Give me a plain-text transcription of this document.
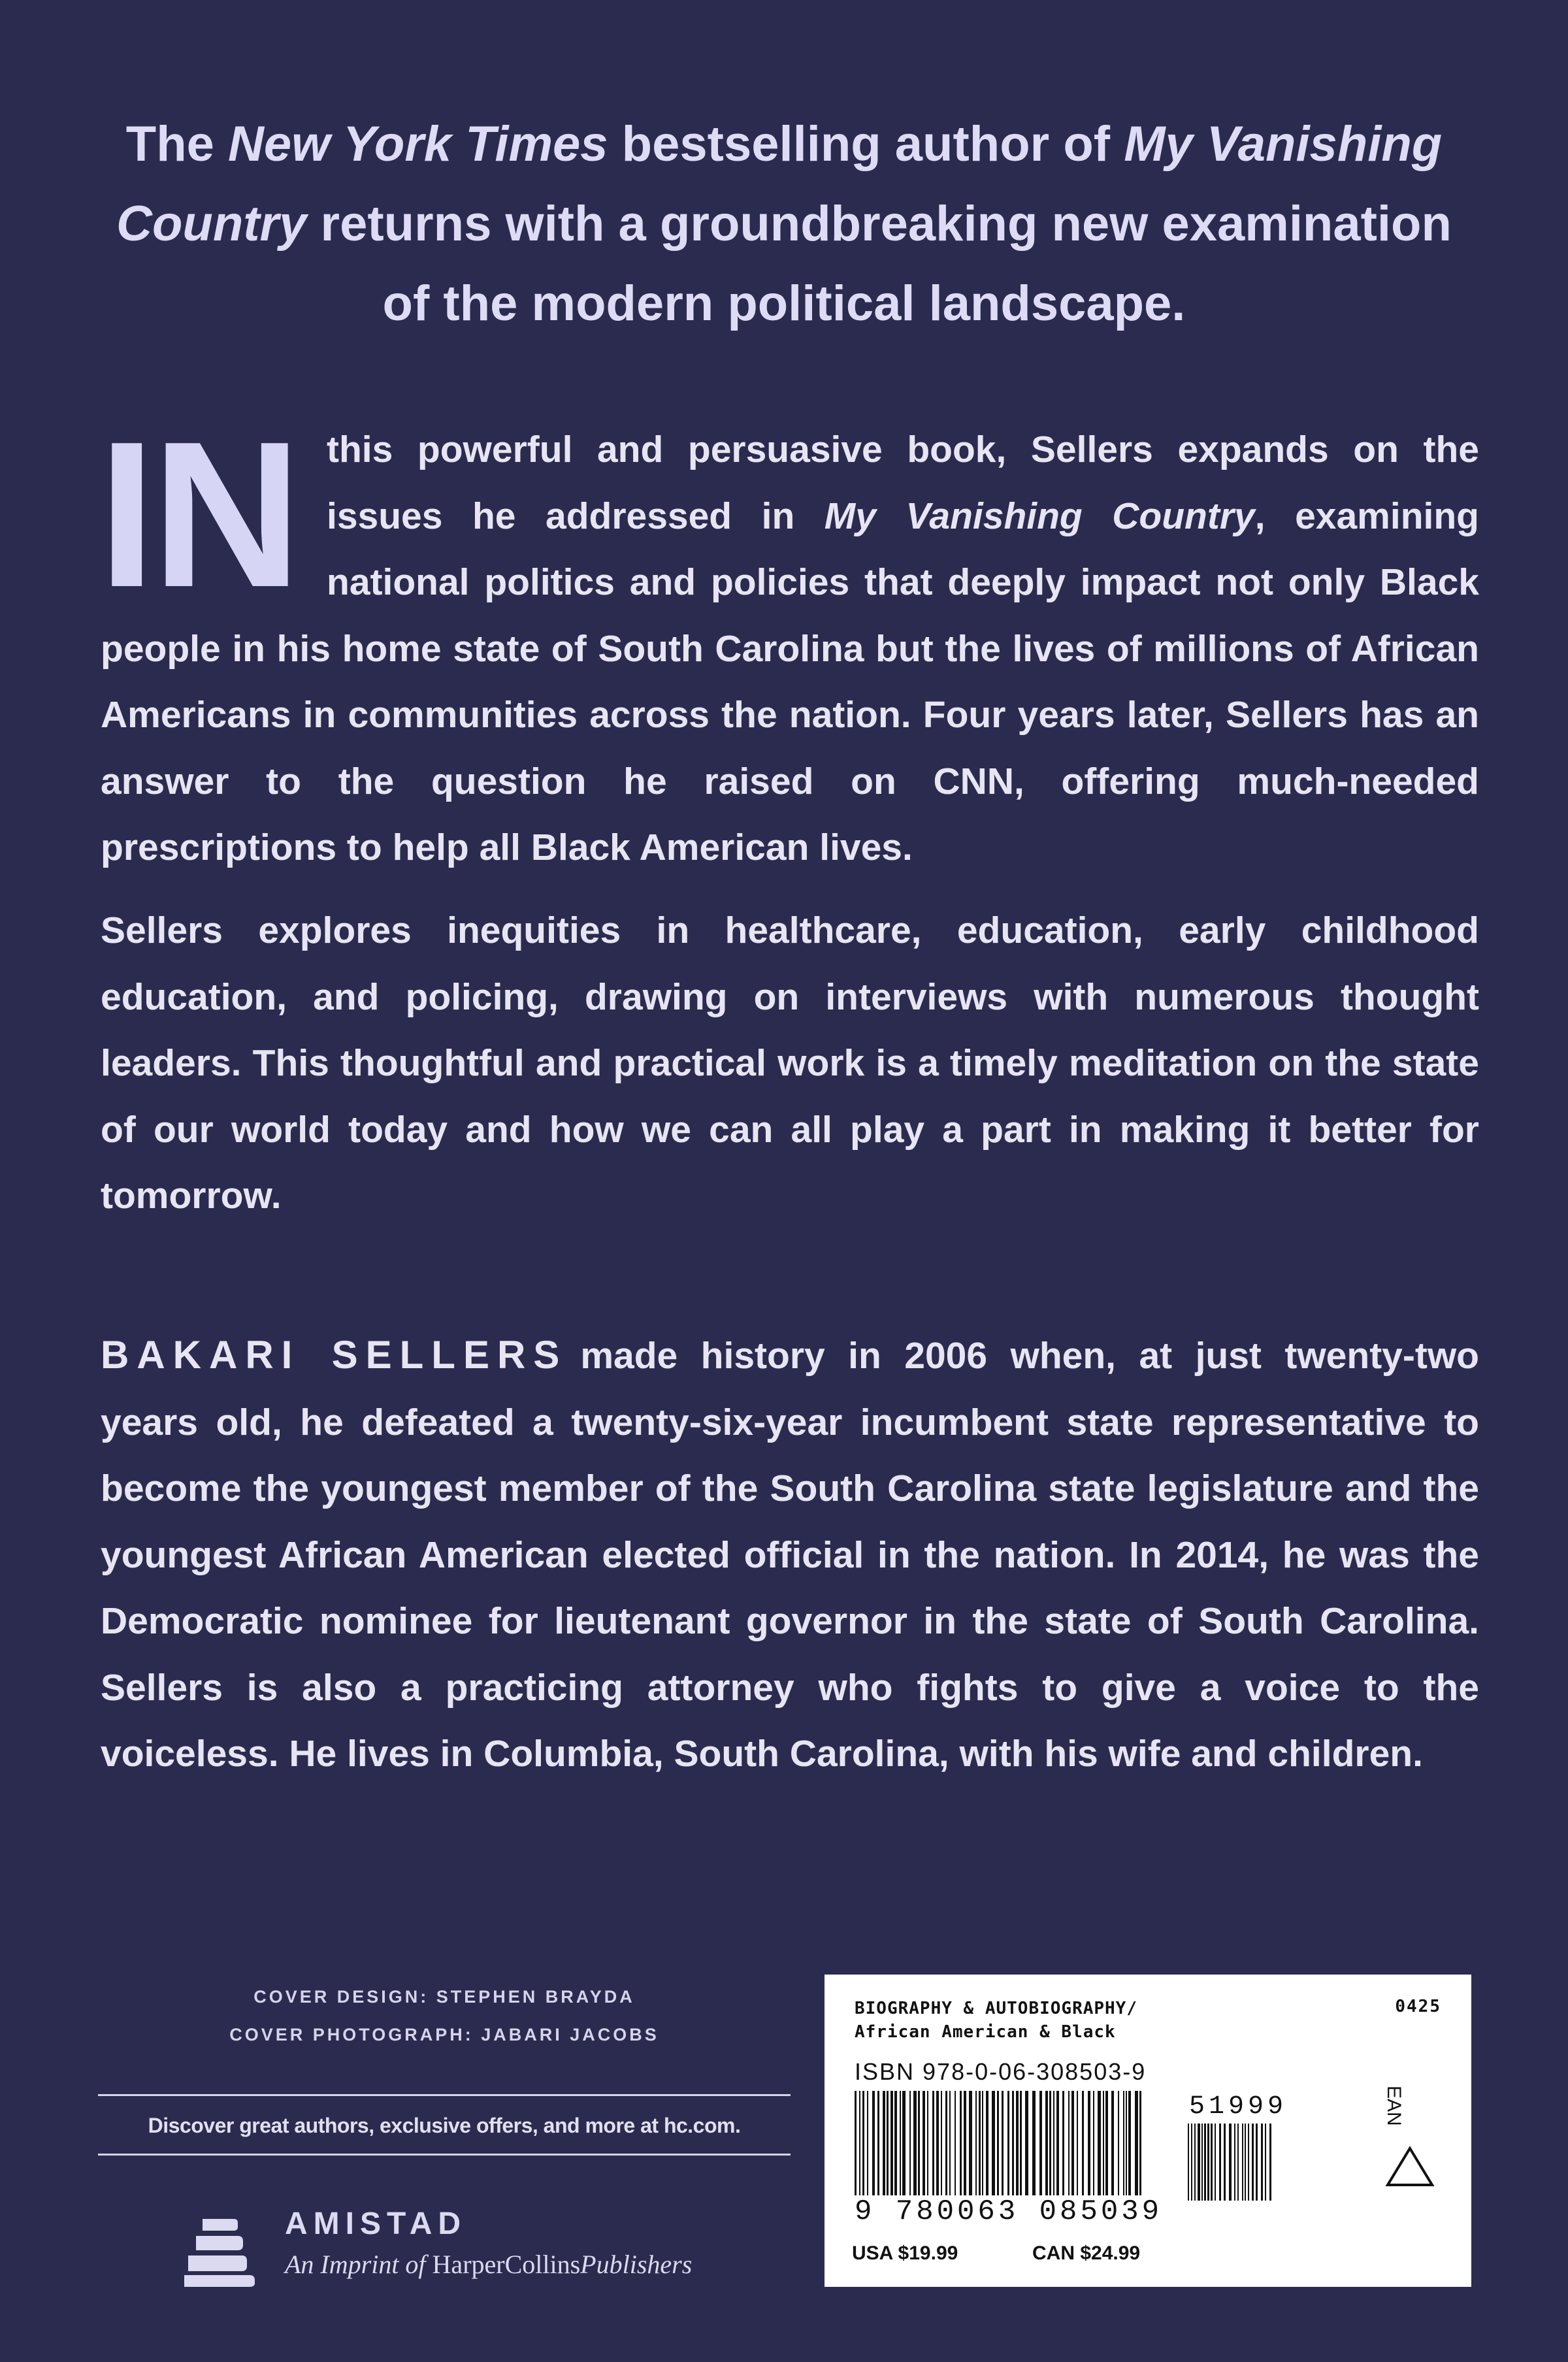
The New York Times bestselling author of My Vanishing Country returns with a groundbreaking new examination of the modern political landscape.
IN this powerful and persuasive book, Sellers expands on the issues he addressed in My Vanishing Country, examining national politics and policies that deeply impact not only Black people in his home state of South Carolina but the lives of millions of African Americans in communities across the nation. Four years later, Sellers has an answer to the question he raised on CNN, offering much-needed prescriptions to help all Black American lives.
Sellers explores inequities in healthcare, education, early childhood education, and policing, drawing on interviews with numerous thought leaders. This thoughtful and practical work is a timely meditation on the state of our world today and how we can all play a part in making it better for tomorrow.
BAKARI SELLERS made history in 2006 when, at just twenty-two years old, he defeated a twenty-six-year incumbent state representative to become the youngest member of the South Carolina state legislature and the youngest African American elected official in the nation. In 2014, he was the Democratic nominee for lieutenant governor in the state of South Carolina. Sellers is also a practicing attorney who fights to give a voice to the voiceless. He lives in Columbia, South Carolina, with his wife and children.
COVER DESIGN: STEPHEN BRAYDA
COVER PHOTOGRAPH: JABARI JACOBS
Discover great authors, exclusive offers, and more at hc.com.
AMISTAD
An Imprint of HarperCollinsPublishers
BIOGRAPHY & AUTOBIOGRAPHY/
African American & Black
0425
ISBN 978-0-06-308503-9
51999
9 780063 085039
EAN
USA $19.99	CAN $24.99
